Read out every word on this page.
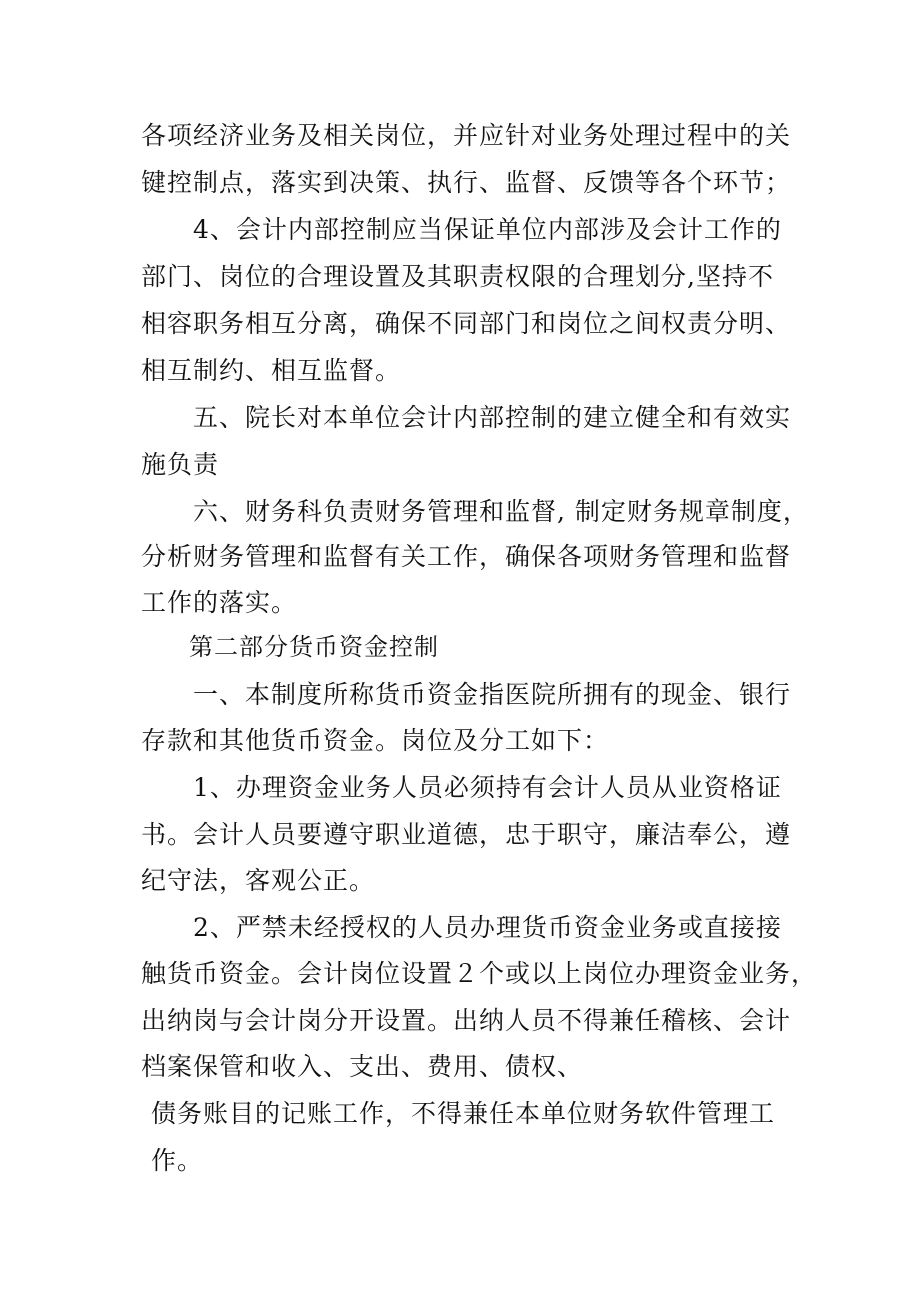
各项经济业务及相关岗位，并应针对业务处理过程中的关
键控制点，落实到决策、执行、监督、反馈等各个环节；
4、会计内部控制应当保证单位内部涉及会计工作的
部门、岗位的合理设置及其职责权限的合理划分,坚持不
相容职务相互分离，确保不同部门和岗位之间权责分明、
相互制约、相互监督。
五、院长对本单位会计内部控制的建立健全和有效实
施负责
六、财务科负责财务管理和监督, 制定财务规章制度，
分析财务管理和监督有关工作，确保各项财务管理和监督
工作的落实。
第二部分货币资金控制
一、本制度所称货币资金指医院所拥有的现金、银行
存款和其他货币资金。岗位及分工如下：
1、办理资金业务人员必须持有会计人员从业资格证
书。会计人员要遵守职业道德，忠于职守，廉洁奉公，遵
纪守法，客观公正。
2、严禁未经授权的人员办理货币资金业务或直接接
触货币资金。会计岗位设置２个或以上岗位办理资金业务，
出纳岗与会计岗分开设置。出纳人员不得兼任稽核、会计
档案保管和收入、支出、费用、债权、
债务账目的记账工作，不得兼任本单位财务软件管理工
作。
